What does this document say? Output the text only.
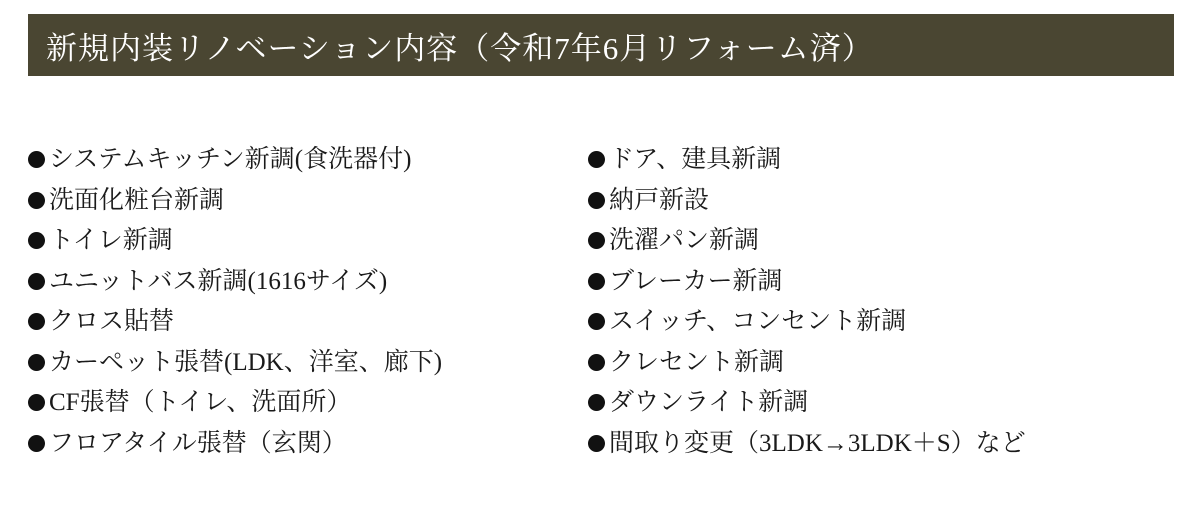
新規内装リノベーション内容（令和7年6月リフォーム済）
システムキッチン新調(食洗器付)
洗面化粧台新調
トイレ新調
ユニットバス新調(1616サイズ)
クロス貼替
カーペット張替(LDK、洋室、廊下)
CF張替（トイレ、洗面所）
フロアタイル張替（玄関）
ドア、建具新調
納戸新設
洗濯パン新調
ブレーカー新調
スイッチ、コンセント新調
クレセント新調
ダウンライト新調
間取り変更（3LDK→3LDK＋S）など
